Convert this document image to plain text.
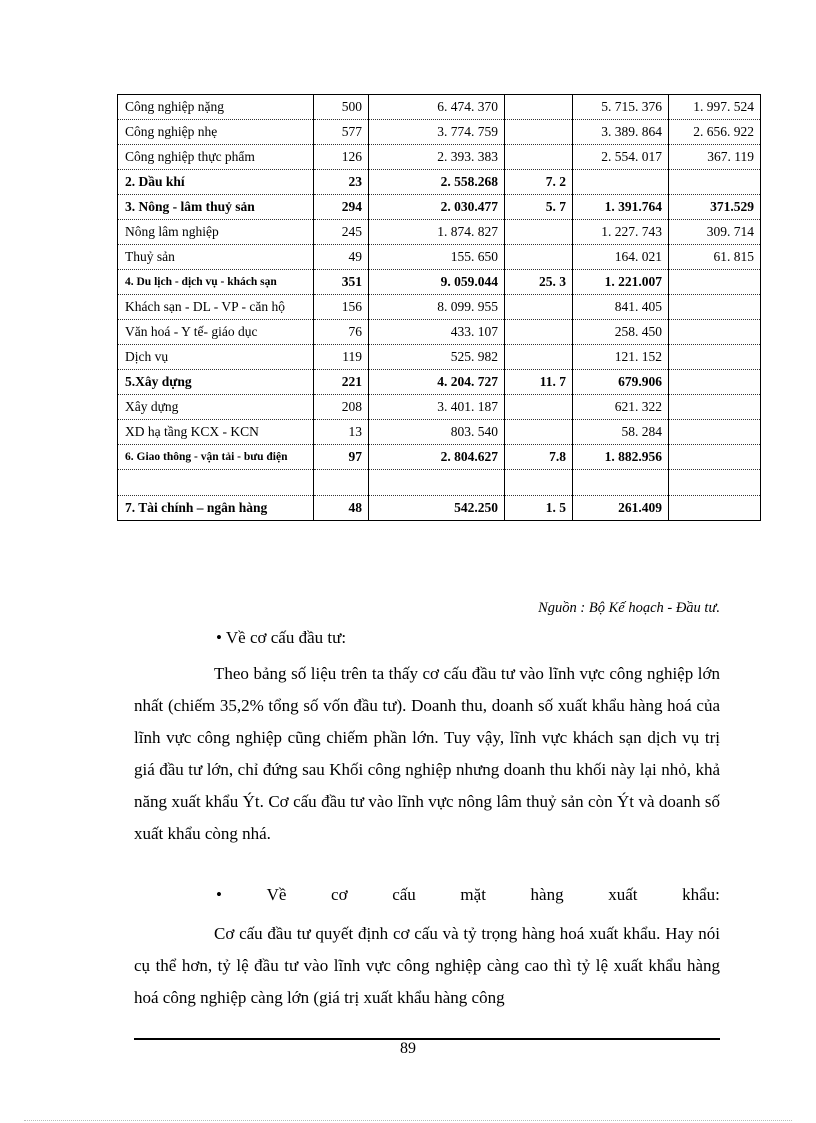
Công nghiệp nặng	500	6. 474. 370		5. 715. 376	1. 997. 524
Công nghiệp nhẹ	577	3. 774. 759		3. 389. 864	2. 656. 922
Công nghiệp thực phẩm	126	2. 393. 383		2. 554. 017	367. 119
2. Dầu khí	23	2. 558.268	7. 2		
3. Nông - lâm thuỷ sản	294	2. 030.477	5. 7	1. 391.764	371.529
Nông lâm nghiệp	245	1. 874. 827		1. 227. 743	309. 714
Thuỷ sản	49	155. 650		164. 021	61. 815
4. Du lịch - dịch vụ - khách sạn	351	9. 059.044	25. 3	1. 221.007	
Khách sạn - DL - VP - căn hộ	156	8. 099. 955		841. 405	
Văn hoá - Y tế- giáo dục	76	433. 107		258. 450	
Dịch vụ	119	525. 982		121. 152	
5.Xây dựng	221	4. 204. 727	11. 7	679.906	
Xây dựng	208	3. 401. 187		621. 322	
XD hạ tầng KCX - KCN	13	803. 540		58. 284	
6. Giao thông - vận tải - bưu điện	97	2. 804.627	7.8	1. 882.956	

7. Tài chính – ngân hàng	48	542.250	1. 5	261.409	
Nguồn : Bộ Kế hoạch - Đầu tư.
• Về cơ cấu đầu tư:
Theo bảng số liệu trên ta thấy cơ cấu đầu tư vào lĩnh vực công nghiệp lớn nhất (chiếm 35,2% tổng số vốn đầu tư). Doanh thu, doanh số xuất khẩu hàng hoá của lĩnh vực công nghiệp cũng chiếm phần lớn. Tuy vậy, lĩnh vực khách sạn dịch vụ trị giá đầu tư lớn, chỉ đứng sau Khối công nghiệp nhưng doanh thu khối này lại nhỏ, khả năng xuất khẩu Ýt. Cơ cấu đầu tư vào lĩnh vực nông lâm thuỷ sản còn Ýt và doanh số xuất khẩu còng nhá.
•	Về	cơ	cấu	mặt	hàng	xuất	khẩu:
Cơ cấu đầu tư quyết định cơ cấu và tỷ trọng hàng hoá xuất khẩu. Hay nói cụ thể hơn, tỷ lệ đầu tư vào lĩnh vực công nghiệp càng cao thì tỷ lệ xuất khẩu hàng hoá công nghiệp càng lớn (giá trị xuất khẩu hàng công
89
